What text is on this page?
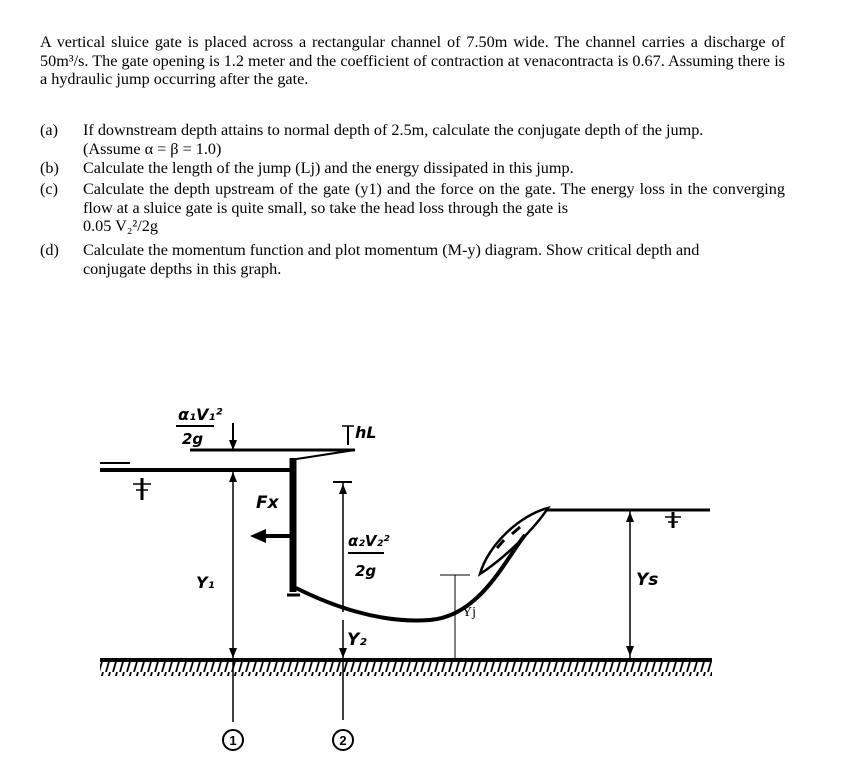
A vertical sluice gate is placed across a rectangular channel of 7.50m wide. The channel carries a discharge of 50m³/s. The gate opening is 1.2 meter and the coefficient of contraction at venacontracta is 0.67. Assuming there is a hydraulic jump occurring after the gate.

(a) If downstream depth attains to normal depth of 2.5m, calculate the conjugate depth of the jump.
(Assume α = β = 1.0)
(b) Calculate the length of the jump (Lj) and the energy dissipated in this jump.
(c) Calculate the depth upstream of the gate (y1) and the force on the gate. The energy loss in the converging flow at a sluice gate is quite small, so take the head loss through the gate is
0.05 V₂²/2g
(d) Calculate the momentum function and plot momentum (M-y) diagram. Show critical depth and
conjugate depths in this graph.
1	2
α₁V₁²
2g	hL
Fx
α₂V₂²
2g
Y₁
Y₂
Yj
Ys
